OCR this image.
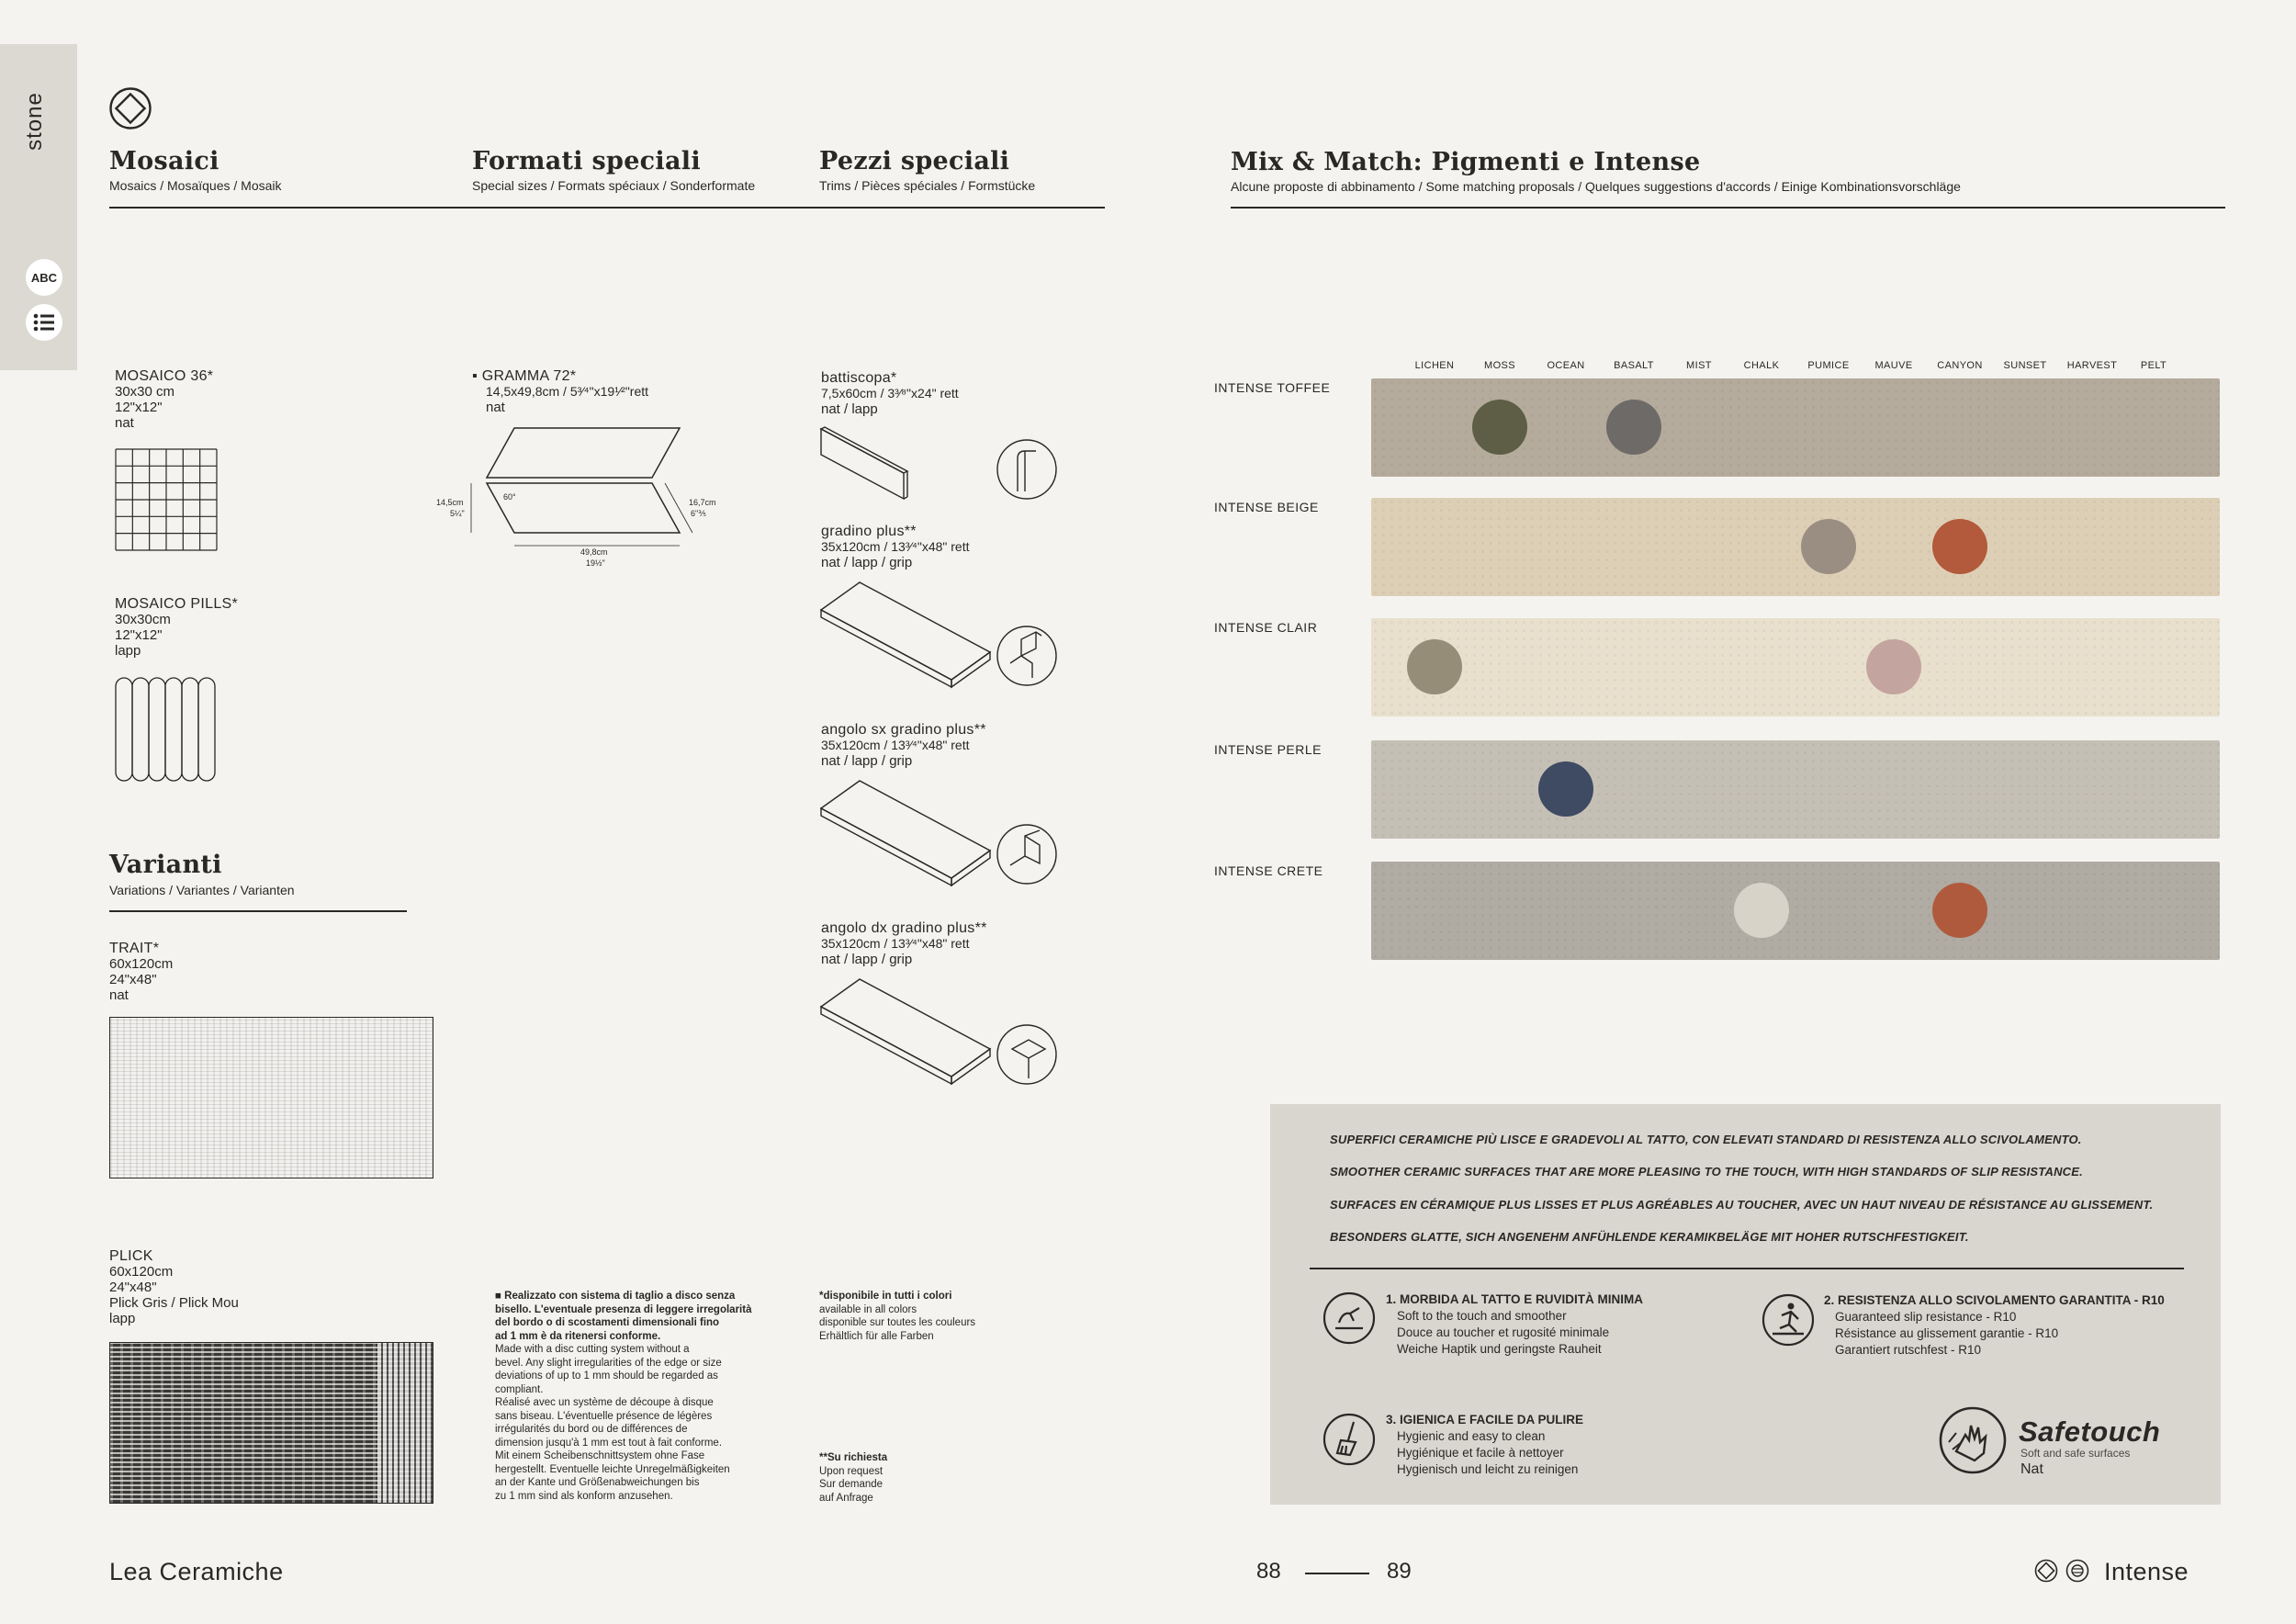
stone
ABC
Mosaici
Mosaics / Mosaïques / Mosaik
Formati speciali
Special sizes / Formats spéciaux / Sonderformate
Pezzi speciali
Trims / Pièces spéciales / Formstücke
Mix & Match: Pigmenti e Intense
Alcune proposte di abbinamento / Some matching proposals / Quelques suggestions d'accords / Einige Kombinationsvorschläge
MOSAICO 36*
30x30 cm
12"x12"
nat
MOSAICO PILLS*
30x30cm
12"x12"
lapp
Varianti
Variations / Variantes / Varianten
TRAIT*
60x120cm
24"x48"
nat
PLICK
60x120cm
24"x48"
Plick Gris / Plick Mou
lapp
▪ GRAMMA 72*
14,5x49,8cm / 5³⁄⁴"x19¹⁄²"rett
nat
14,5cm
5¼"
60°
16,7cm
6"⅗
49,8cm
19½"
battiscopa*
7,5x60cm / 3³⁄⁸"x24" rett
nat / lapp
gradino plus**
35x120cm / 13³⁄⁴"x48" rett
nat / lapp / grip
angolo sx gradino plus**
35x120cm / 13³⁄⁴"x48" rett
nat / lapp / grip
angolo dx gradino plus**
35x120cm / 13³⁄⁴"x48" rett
nat / lapp / grip
■ Realizzato con sistema di taglio a disco senza
bisello. L'eventuale presenza di leggere irregolarità
del bordo o di scostamenti dimensionali fino
ad 1 mm è da ritenersi conforme.
Made with a disc cutting system without a
bevel. Any slight irregularities of the edge or size
deviations of up to 1 mm should be regarded as
compliant.
Réalisé avec un système de découpe à disque
sans biseau. L'éventuelle présence de légères
irrégularités du bord ou de différences de
dimension jusqu'à 1 mm est tout à fait conforme.
Mit einem Scheibenschnittsystem ohne Fase
hergestellt. Eventuelle leichte Unregelmäßigkeiten
an der Kante und Größenabweichungen bis
zu 1 mm sind als konform anzusehen.
*disponibile in tutti i colori
available in all colors
disponible sur toutes les couleurs
Erhältlich für alle Farben
**Su richiesta
Upon request
Sur demande
auf Anfrage
LICHEN	MOSS	OCEAN	BASALT	MIST	CHALK	PUMICE	MAUVE	CANYON	SUNSET	HARVEST	PELT
INTENSE TOFFEE
INTENSE BEIGE
INTENSE CLAIR
INTENSE PERLE
INTENSE CRETE
SUPERFICI CERAMICHE PIÙ LISCE E GRADEVOLI AL TATTO, CON ELEVATI STANDARD DI RESISTENZA ALLO SCIVOLAMENTO.
SMOOTHER CERAMIC SURFACES THAT ARE MORE PLEASING TO THE TOUCH, WITH HIGH STANDARDS OF SLIP RESISTANCE.
SURFACES EN CÉRAMIQUE PLUS LISSES ET PLUS AGRÉABLES AU TOUCHER, AVEC UN HAUT NIVEAU DE RÉSISTANCE AU GLISSEMENT.
BESONDERS GLATTE, SICH ANGENEHM ANFÜHLENDE KERAMIKBELÄGE MIT HOHER RUTSCHFESTIGKEIT.
1. MORBIDA AL TATTO E RUVIDITÀ MINIMA
Soft to the touch and smoother
Douce au toucher et rugosité minimale
Weiche Haptik und geringste Rauheit
2. RESISTENZA ALLO SCIVOLAMENTO GARANTITA - R10
Guaranteed slip resistance - R10
Résistance au glissement garantie - R10
Garantiert rutschfest - R10
3. IGIENICA E FACILE DA PULIRE
Hygienic and easy to clean
Hygiénique et facile à nettoyer
Hygienisch und leicht zu reinigen
Safetouch
Soft and safe surfaces
Nat
Lea Ceramiche	88	89	Intense
